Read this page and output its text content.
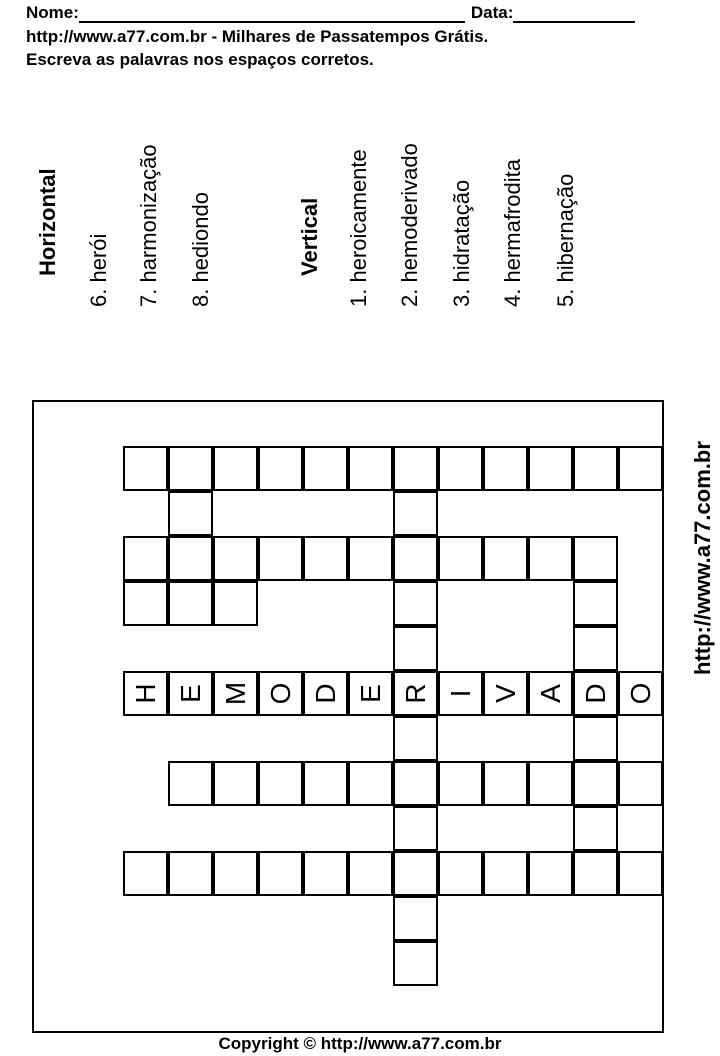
Nome:	Data:
http://www.a77.com.br - Milhares de Passatempos Grátis.
Escreva as palavras nos espaços corretos.
Horizontal 6. herói 7. harmonização 8. hediondo	Vertical 1. heroicamente 2. hemoderivado 3. hidratação 4. hermafrodita 5. hibernação
http://www.a77.com.br
H E M O D E R I V A D O
Copyright © http://www.a77.com.br
